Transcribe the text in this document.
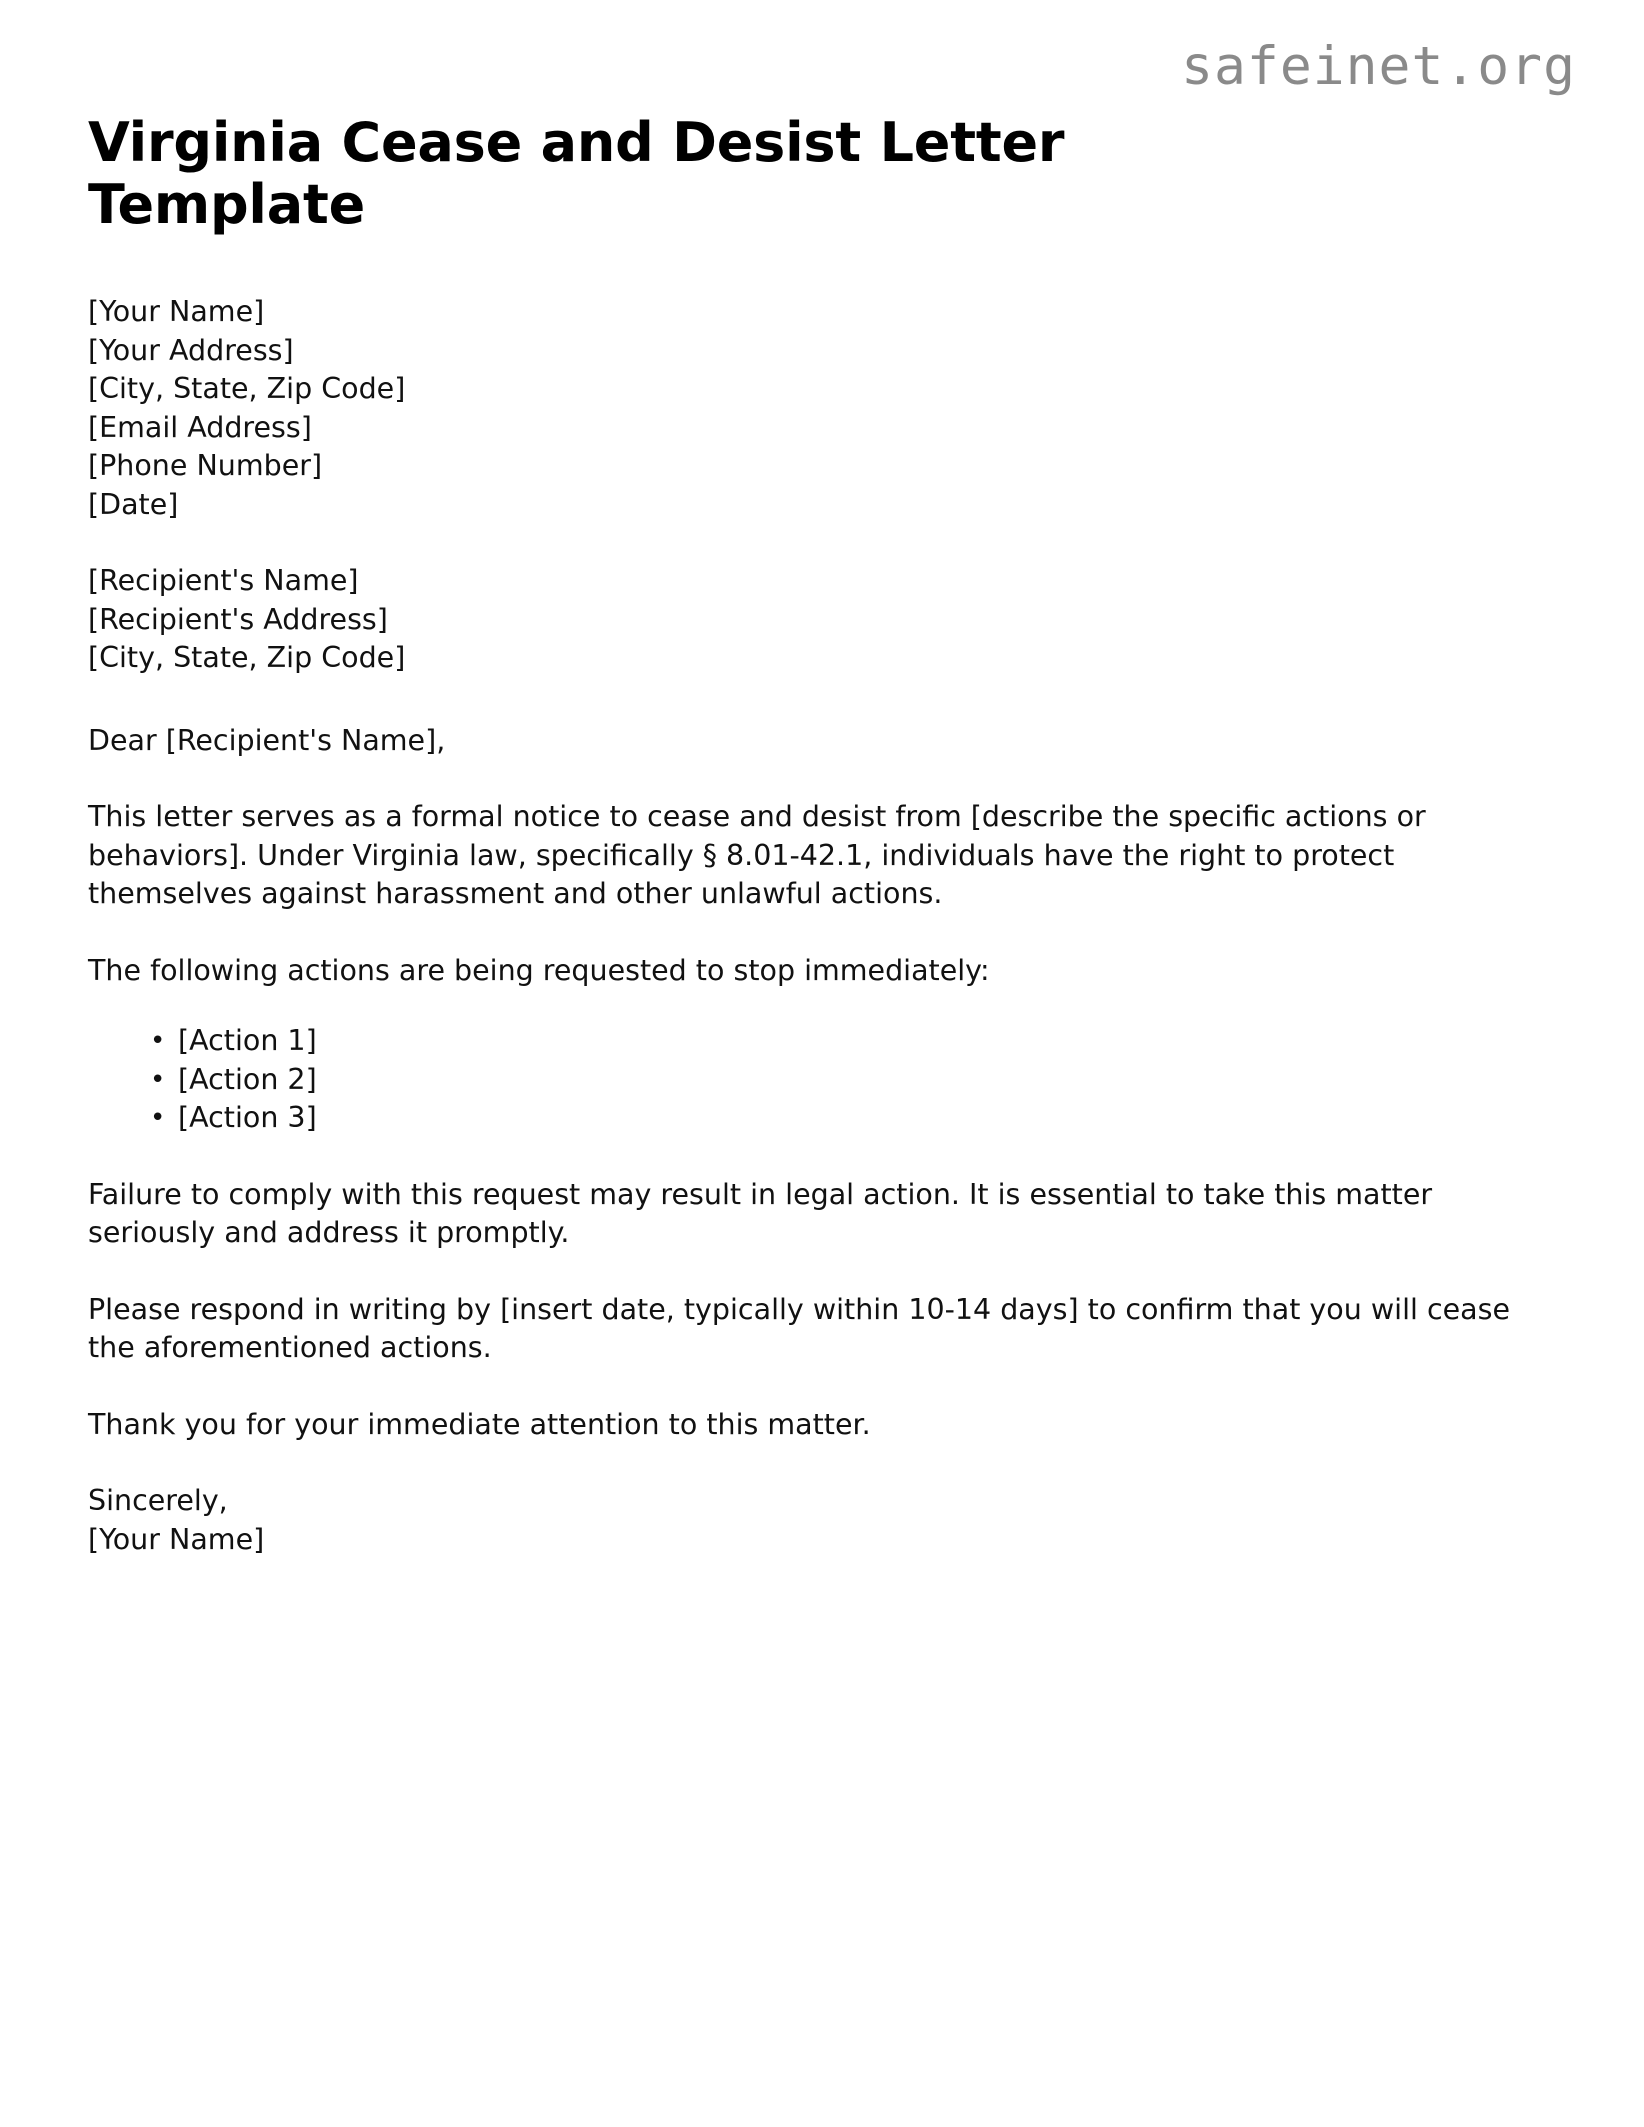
safeinet.org
Virginia Cease and Desist Letter Template
[Your Name]
[Your Address]
[City, State, Zip Code]
[Email Address]
[Phone Number]
[Date]
[Recipient's Name]
[Recipient's Address]
[City, State, Zip Code]

Dear [Recipient's Name],

This letter serves as a formal notice to cease and desist from [describe the specific actions or behaviors]. Under Virginia law, specifically § 8.01-42.1, individuals have the right to protect themselves against harassment and other unlawful actions.

The following actions are being requested to stop immediately:

• [Action 1]
• [Action 2]
• [Action 3]

Failure to comply with this request may result in legal action. It is essential to take this matter seriously and address it promptly.

Please respond in writing by [insert date, typically within 10-14 days] to confirm that you will cease the aforementioned actions.

Thank you for your immediate attention to this matter.

Sincerely,
[Your Name]
